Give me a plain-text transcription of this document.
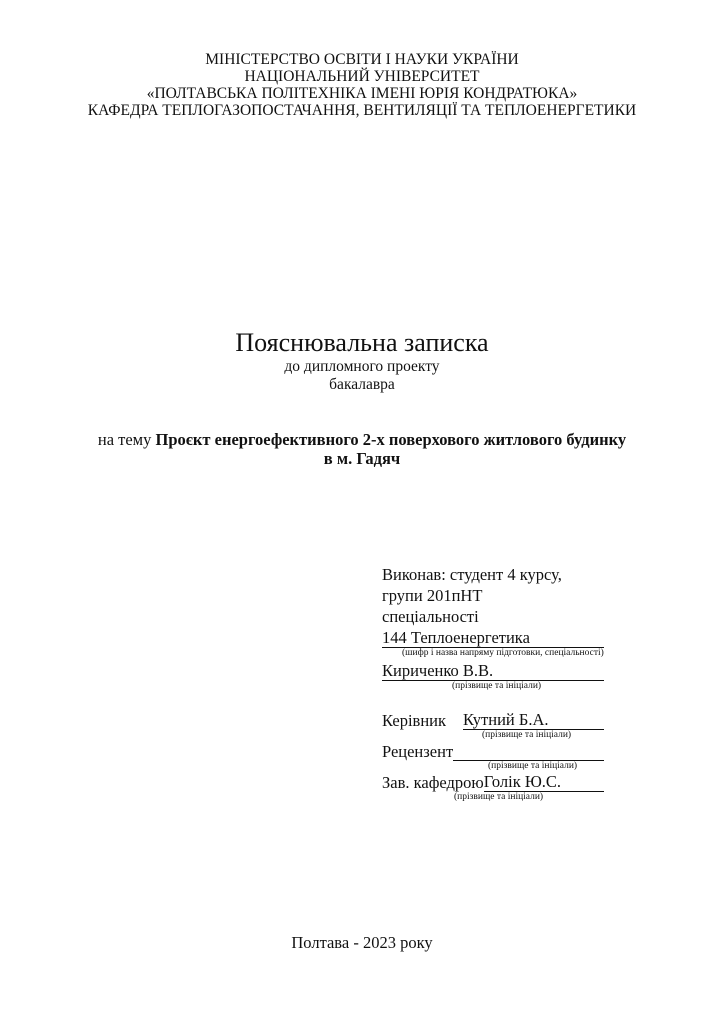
МІНІСТЕРСТВО ОСВІТИ І НАУКИ УКРАЇНИ
НАЦІОНАЛЬНИЙ УНІВЕРСИТЕТ
«ПОЛТАВСЬКА ПОЛІТЕХНІКА ІМЕНІ ЮРІЯ КОНДРАТЮКА»
КАФЕДРА ТЕПЛОГАЗОПОСТАЧАННЯ, ВЕНТИЛЯЦІЇ ТА ТЕПЛОЕНЕРГЕТИКИ
Пояснювальна записка
до дипломного проекту
бакалавра
на тему Проєкт енергоефективного 2-х поверхового житлового будинку
в м. Гадяч
Виконав: студент 4 курсу,
групи 201пНТ
спеціальності
144 Теплоенергетика
(шифр і назва напряму підготовки, спеціальності)
Кириченко В.В.
(прізвище та ініціали)
Керівник Кутний Б.А.
(прізвище та ініціали)
Рецензент
(прізвище та ініціали)
Зав. кафедрою Голік Ю.С.
(прізвище та ініціали)
Полтава - 2023 року
